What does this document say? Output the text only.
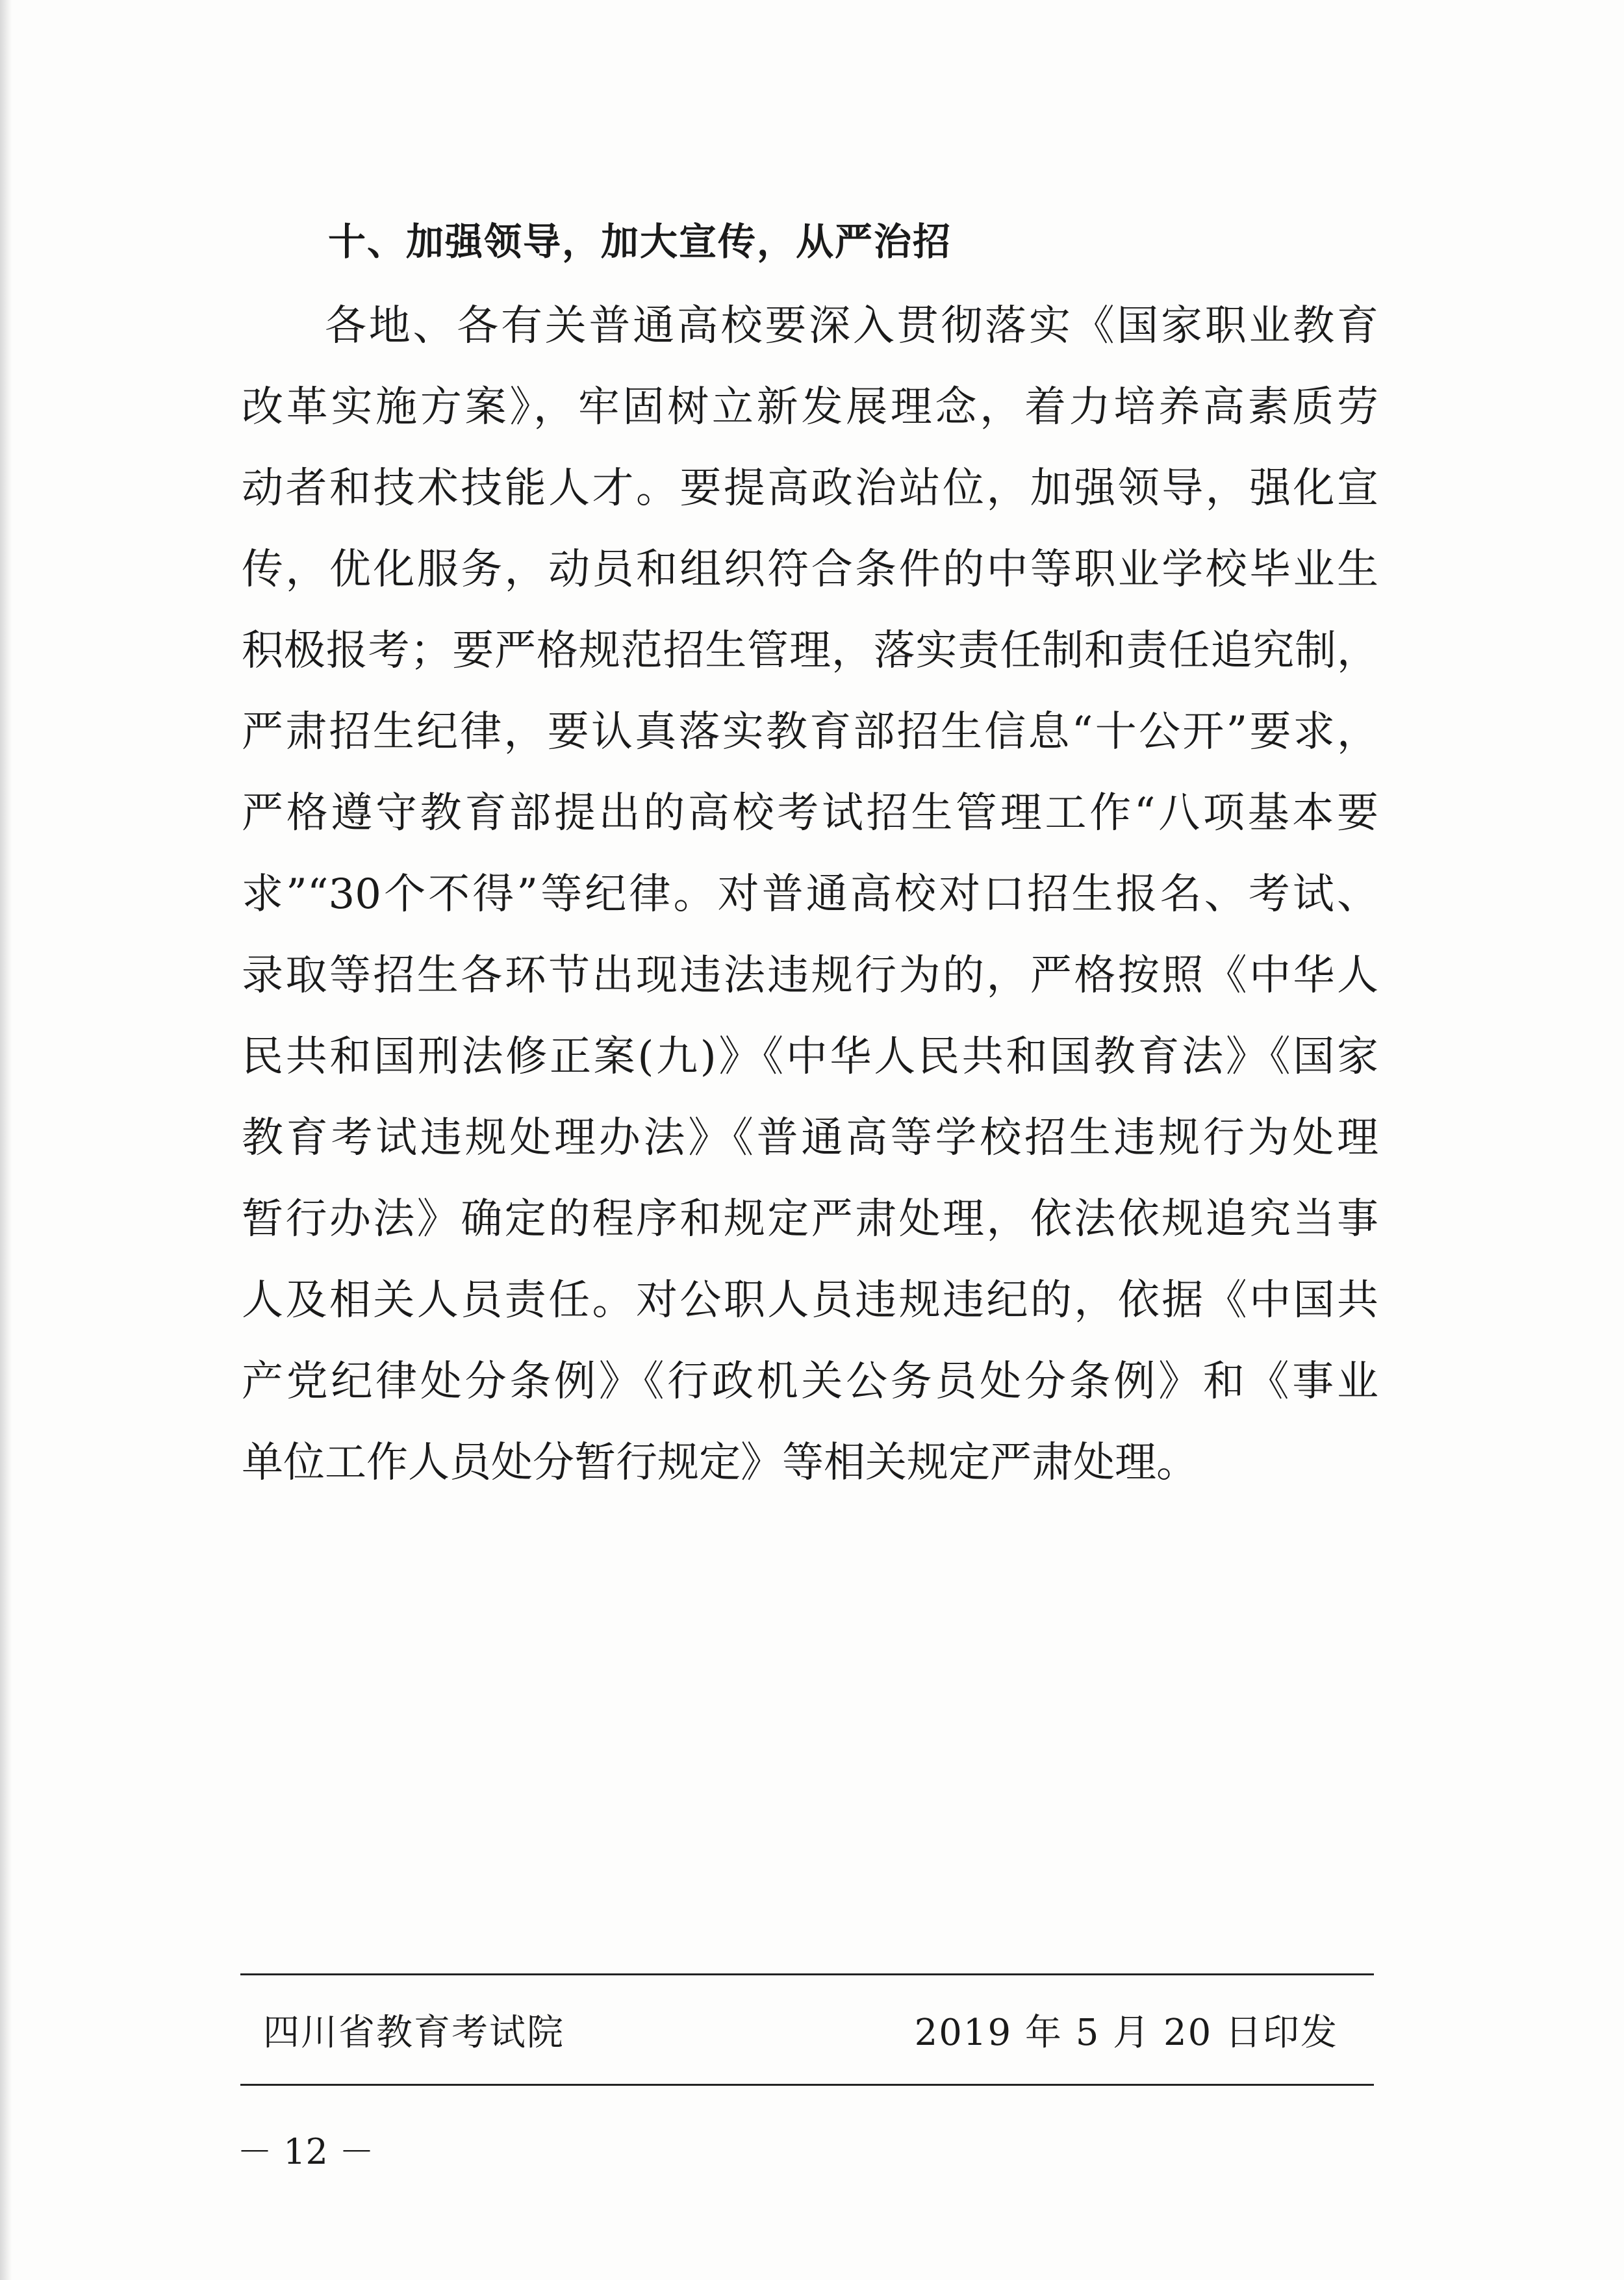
十、加强领导，加大宣传，从严治招
各地、各有关普通高校要深入贯彻落实《国家职业教育
改革实施方案》，牢固树立新发展理念，着力培养高素质劳
动者和技术技能人才。要提高政治站位，加强领导，强化宣
传，优化服务，动员和组织符合条件的中等职业学校毕业生
积极报考；要严格规范招生管理，落实责任制和责任追究制，
严肃招生纪律，要认真落实教育部招生信息“十公开”要求，
严格遵守教育部提出的高校考试招生管理工作“八项基本要
求”“30个不得”等纪律。对普通高校对口招生报名、考试、
录取等招生各环节出现违法违规行为的，严格按照《中华人
民共和国刑法修正案(九)》《中华人民共和国教育法》《国家
教育考试违规处理办法》《普通高等学校招生违规行为处理
暂行办法》确定的程序和规定严肃处理，依法依规追究当事
人及相关人员责任。对公职人员违规违纪的，依据《中国共
产党纪律处分条例》《行政机关公务员处分条例》和《事业
单位工作人员处分暂行规定》等相关规定严肃处理。
四川省教育考试院	2019 年 5 月 20 日印发
－ 12 －
